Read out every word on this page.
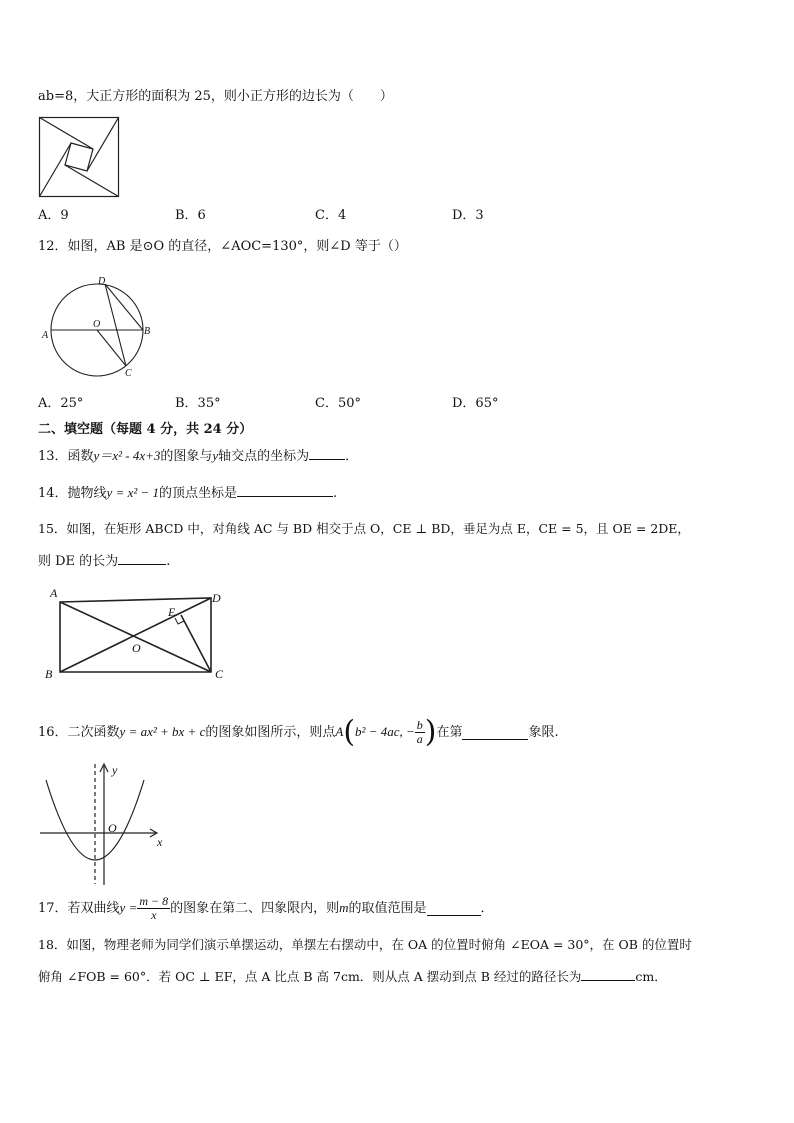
ab=8，大正方形的面积为 25，则小正方形的边长为（　　）
A．9	B．6	C．4	D．3
12．如图，AB 是⊙O 的直径，∠AOC=130°，则∠D 等于（）
A	B
C
D
O
A．25°	B．35°	C．50°	D．65°
二、填空题（每题 4 分，共 24 分）
13．函数y＝x² - 4x+3的图象与y轴交点的坐标为	．
14．抛物线y = x² − 1的顶点坐标是	.
15．如图，在矩形 ABCD 中，对角线 AC 与 BD 相交于点 O，CE ⊥ BD，垂足为点 E，CE = 5，且 OE = 2DE，
则 DE 的长为	.
A
B	C
D
E
O
16．二次函数y = ax² + bx + c的图象如图所示，则点A(b² − 4ac, − $\frac{b}{a}$ )在第	象限.
y
x
O
17．若双曲线$y = \frac{m - 8}{x}$ 的图象在第二、四象限内，则m的取值范围是	．
18．如图，物理老师为同学们演示单摆运动，单摆左右摆动中，在 OA 的位置时俯角 ∠EOA = 30°，在 OB 的位置时
俯角 ∠FOB = 60°．若 OC ⊥ EF，点 A 比点 B 高 7cm．则从点 A 摆动到点 B 经过的路径长为	cm．
